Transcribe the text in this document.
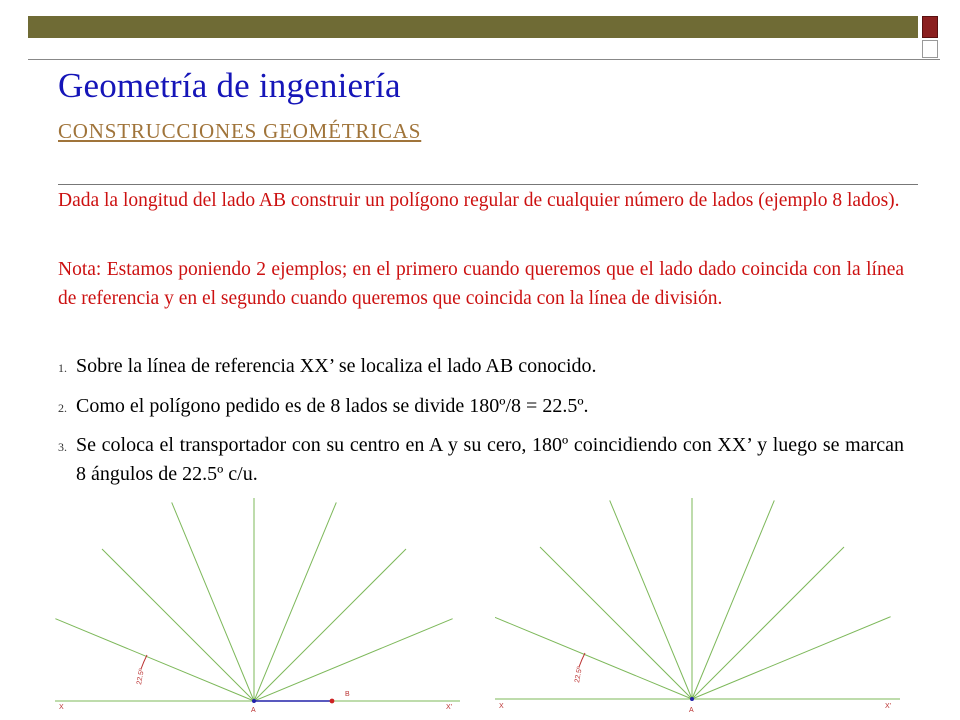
Geometría de ingeniería
CONSTRUCCIONES GEOMÉTRICAS
Dada la longitud del lado AB construir un polígono regular de cualquier número de lados (ejemplo 8 lados).
Nota: Estamos poniendo 2 ejemplos; en el primero cuando queremos que el lado dado coincida con la línea de referencia y en el segundo cuando queremos que coincida con la línea de división.
1. Sobre la línea de referencia XX’ se localiza el lado AB conocido.
2. Como el polígono pedido es de 8 lados se divide 180º/8 = 22.5º.
3. Se coloca el transportador con su centro en A y su cero, 180º coincidiendo con XX’ y luego se marcan 8 ángulos de 22.5º c/u.
X	X’
A
B
22.5º
X	X’
A
22.5º
